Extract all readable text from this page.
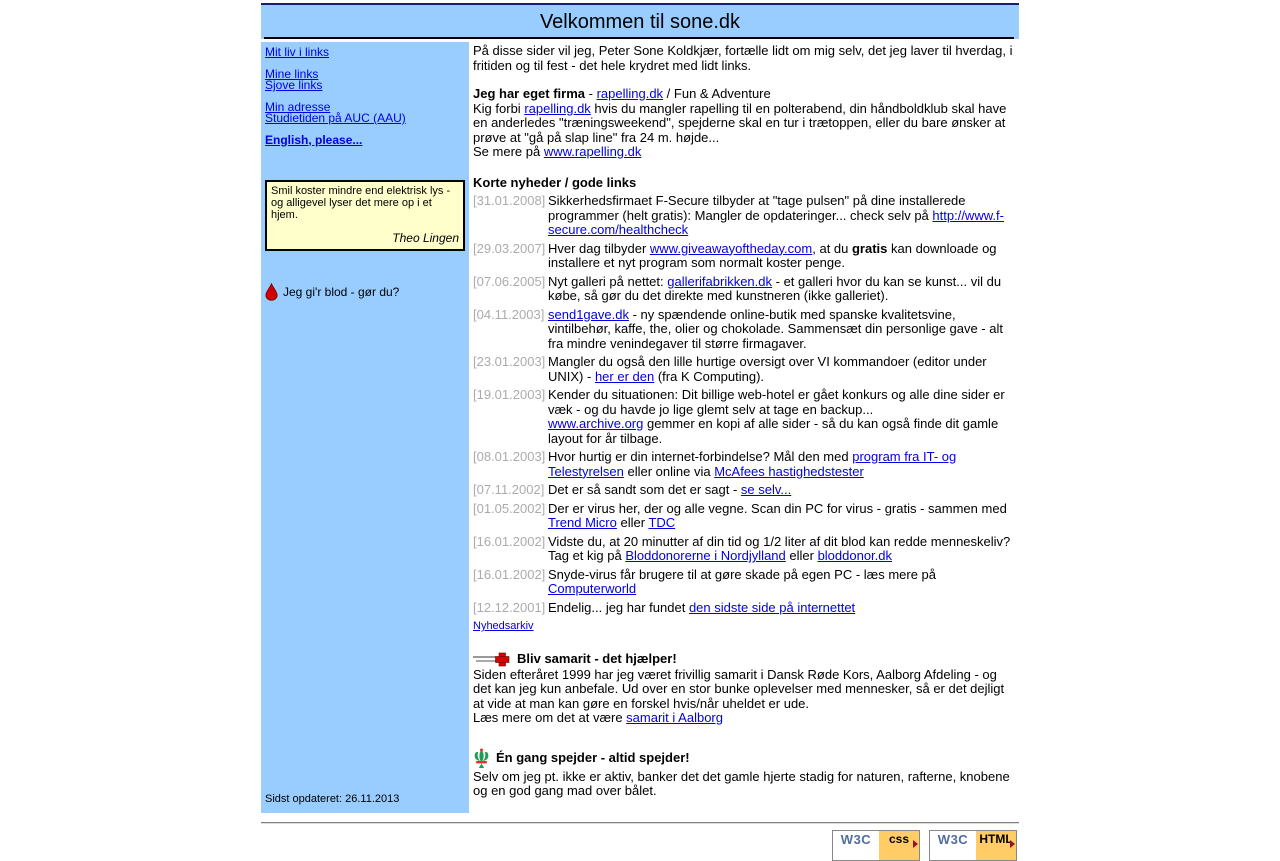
Velkommen til sone.dk
Mit liv i links
Mine links
Sjove links
Min adresse
Studietiden på AUC (AAU)
English, please...
Smil koster mindre end elektrisk lys - og alligevel lyser det mere op i et hjem.
Theo Lingen
Jeg gi'r blod - gør du?
Sidst opdateret: 26.11.2013

På disse sider vil jeg, Peter Sone Koldkjær, fortælle lidt om mig selv, det jeg laver til hverdag, i fritiden og til fest - det hele krydret med lidt links.

Jeg har eget firma - rapelling.dk / Fun & Adventure
Kig forbi rapelling.dk hvis du mangler rapelling til en polterabend, din håndboldklub skal have en anderledes "træningsweekend", spejderne skal en tur i trætoppen, eller du bare ønsker at prøve at "gå på slap line" fra 24 m. højde...
Se mere på www.rapelling.dk

Korte nyheder / gode links
[31.01.2008] Sikkerhedsfirmaet F-Secure tilbyder at "tage pulsen" på dine installerede programmer (helt gratis): Mangler de opdateringer... check selv på http://www.f-secure.com/healthcheck
[29.03.2007] Hver dag tilbyder www.giveawayoftheday.com, at du gratis kan downloade og installere et nyt program som normalt koster penge.
[07.06.2005] Nyt galleri på nettet: gallerifabrikken.dk - et galleri hvor du kan se kunst... vil du købe, så gør du det direkte med kunstneren (ikke galleriet).
[04.11.2003] send1gave.dk - ny spændende online-butik med spanske kvalitetsvine, vintilbehør, kaffe, the, olier og chokolade. Sammensæt din personlige gave - alt fra mindre venindegaver til større firmagaver.
[23.01.2003] Mangler du også den lille hurtige oversigt over VI kommandoer (editor under UNIX) - her er den (fra K Computing).
[19.01.2003] Kender du situationen: Dit billige web-hotel er gået konkurs og alle dine sider er væk - og du havde jo lige glemt selv at tage en backup...
www.archive.org gemmer en kopi af alle sider - så du kan også finde dit gamle layout for år tilbage.
[08.01.2003] Hvor hurtig er din internet-forbindelse? Mål den med program fra IT- og Telestyrelsen eller online via McAfees hastighedstester
[07.11.2002] Det er så sandt som det er sagt - se selv...
[01.05.2002] Der er virus her, der og alle vegne. Scan din PC for virus - gratis - sammen med Trend Micro eller TDC
[16.01.2002] Vidste du, at 20 minutter af din tid og 1/2 liter af dit blod kan redde menneskeliv? Tag et kig på Bloddonorerne i Nordjylland eller bloddonor.dk
[16.01.2002] Snyde-virus får brugere til at gøre skade på egen PC - læs mere på Computerworld
[12.12.2001] Endelig... jeg har fundet den sidste side på internettet
Nyhedsarkiv
Bliv samarit - det hjælper!
Siden efteråret 1999 har jeg været frivillig samarit i Dansk Røde Kors, Aalborg Afdeling - og det kan jeg kun anbefale. Ud over en stor bunke oplevelser med mennesker, så er det dejligt at vide at man kan gøre en forskel hvis/når uheldet er ude.
Læs mere om det at være samarit i Aalborg
Én gang spejder - altid spejder!
Selv om jeg pt. ikke er aktiv, banker det det gamle hjerte stadig for naturen, rafterne, knobene og en god gang mad over bålet.
W3C	css	W3C HTML
